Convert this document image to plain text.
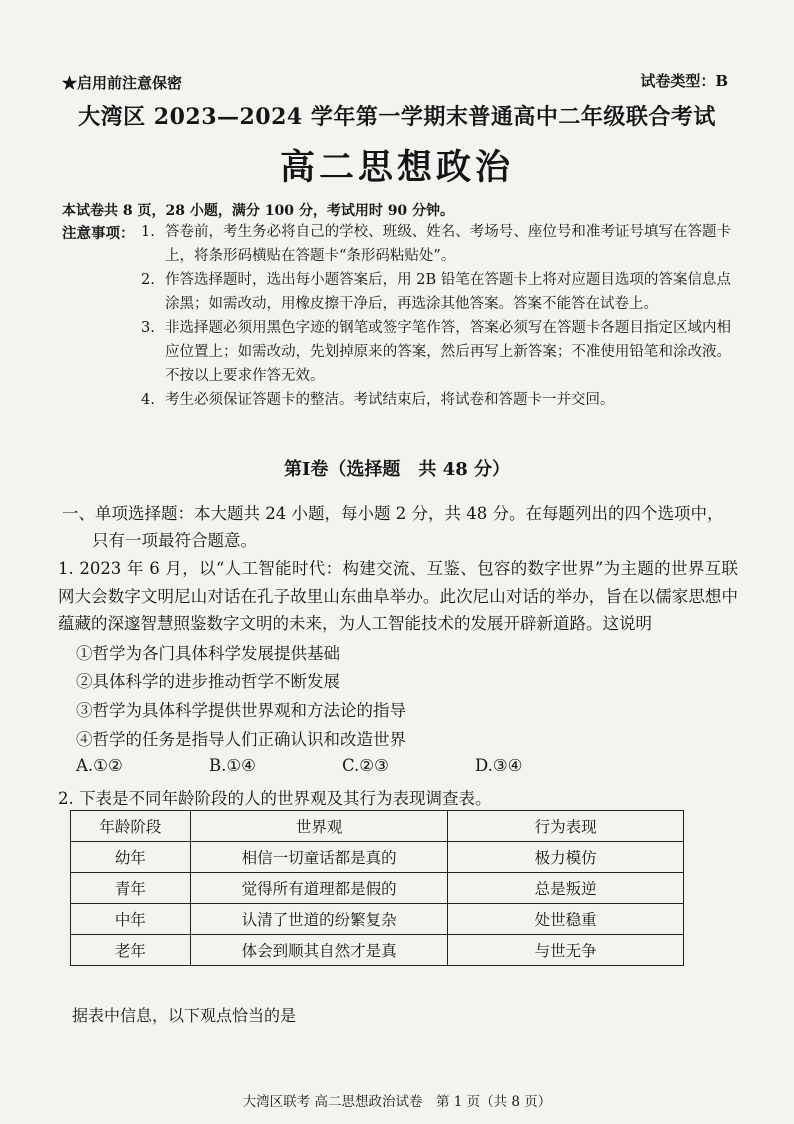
★启用前注意保密	试卷类型：B
大湾区 2023—2024 学年第一学期末普通高中二年级联合考试
高二思想政治
本试卷共 8 页，28 小题，满分 100 分，考试用时 90 分钟。
注意事项： 1. 答卷前，考生务必将自己的学校、班级、姓名、考场号、座位号和准考证号填写在答题卡上，将条形码横贴在答题卡“条形码粘贴处”。
2. 作答选择题时，选出每小题答案后，用 2B 铅笔在答题卡上将对应题目选项的答案信息点涂黑；如需改动，用橡皮擦干净后，再选涂其他答案。答案不能答在试卷上。
3. 非选择题必须用黑色字迹的钢笔或签字笔作答，答案必须写在答题卡各题目指定区域内相应位置上；如需改动，先划掉原来的答案，然后再写上新答案；不准使用铅笔和涂改液。不按以上要求作答无效。
4. 考生必须保证答题卡的整洁。考试结束后，将试卷和答题卡一并交回。
第Ⅰ卷（选择题　共 48 分）
一、单项选择题：本大题共 24 小题，每小题 2 分，共 48 分。在每题列出的四个选项中，只有一项最符合题意。
1. 2023 年 6 月，以“人工智能时代：构建交流、互鉴、包容的数字世界”为主题的世界互联网大会数字文明尼山对话在孔子故里山东曲阜举办。此次尼山对话的举办，旨在以儒家思想中蕴藏的深邃智慧照鉴数字文明的未来，为人工智能技术的发展开辟新道路。这说明
①哲学为各门具体科学发展提供基础
②具体科学的进步推动哲学不断发展
③哲学为具体科学提供世界观和方法论的指导
④哲学的任务是指导人们正确认识和改造世界
A.①②	B.①④	C.②③	D.③④
2. 下表是不同年龄阶段的人的世界观及其行为表现调查表。
年龄阶段	世界观	行为表现
幼年	相信一切童话都是真的	极力模仿
青年	觉得所有道理都是假的	总是叛逆
中年	认清了世道的纷繁复杂	处世稳重
老年	体会到顺其自然才是真	与世无争
据表中信息，以下观点恰当的是
大湾区联考 高二思想政治试卷　第 1 页（共 8 页）
